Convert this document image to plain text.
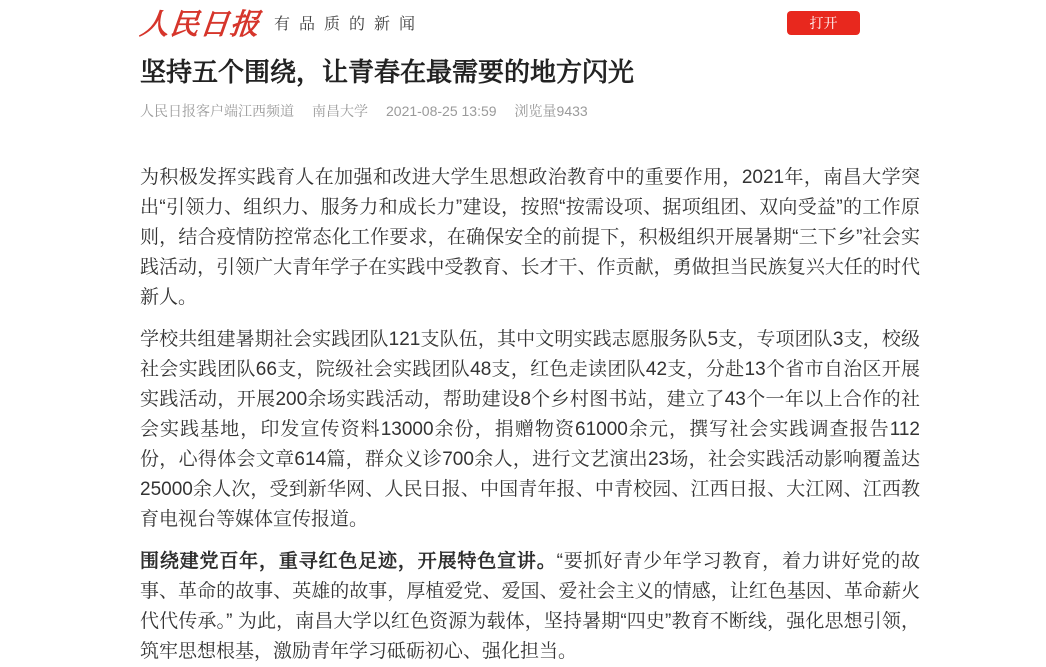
人民日报 有品质的新闻	打开
坚持五个围绕，让青春在最需要的地方闪光
人民日报客户端江西频道 南昌大学 2021-08-25 13:59 浏览量9433

为积极发挥实践育人在加强和改进大学生思想政治教育中的重要作用，2021年，南昌大学突出“引领力、组织力、服务力和成长力”建设，按照“按需设项、据项组团、双向受益”的工作原则，结合疫情防控常态化工作要求，在确保安全的前提下，积极组织开展暑期“三下乡”社会实践活动，引领广大青年学子在实践中受教育、长才干、作贡献，勇做担当民族复兴大任的时代新人。

学校共组建暑期社会实践团队121支队伍，其中文明实践志愿服务队5支，专项团队3支，校级社会实践团队66支，院级社会实践团队48支，红色走读团队42支，分赴13个省市自治区开展实践活动，开展200余场实践活动，帮助建设8个乡村图书站，建立了43个一年以上合作的社会实践基地，印发宣传资料13000余份，捐赠物资61000余元，撰写社会实践调查报告112份，心得体会文章614篇，群众义诊700余人，进行文艺演出23场，社会实践活动影响覆盖达25000余人次，受到新华网、人民日报、中国青年报、中青校园、江西日报、大江网、江西教育电视台等媒体宣传报道。

围绕建党百年，重寻红色足迹，开展特色宣讲。“要抓好青少年学习教育，着力讲好党的故事、革命的故事、英雄的故事，厚植爱党、爱国、爱社会主义的情感，让红色基因、革命薪火代代传承。” 为此，南昌大学以红色资源为载体，坚持暑期“四史”教育不断线，强化思想引领，筑牢思想根基，激励青年学习砥砺初心、强化担当。
